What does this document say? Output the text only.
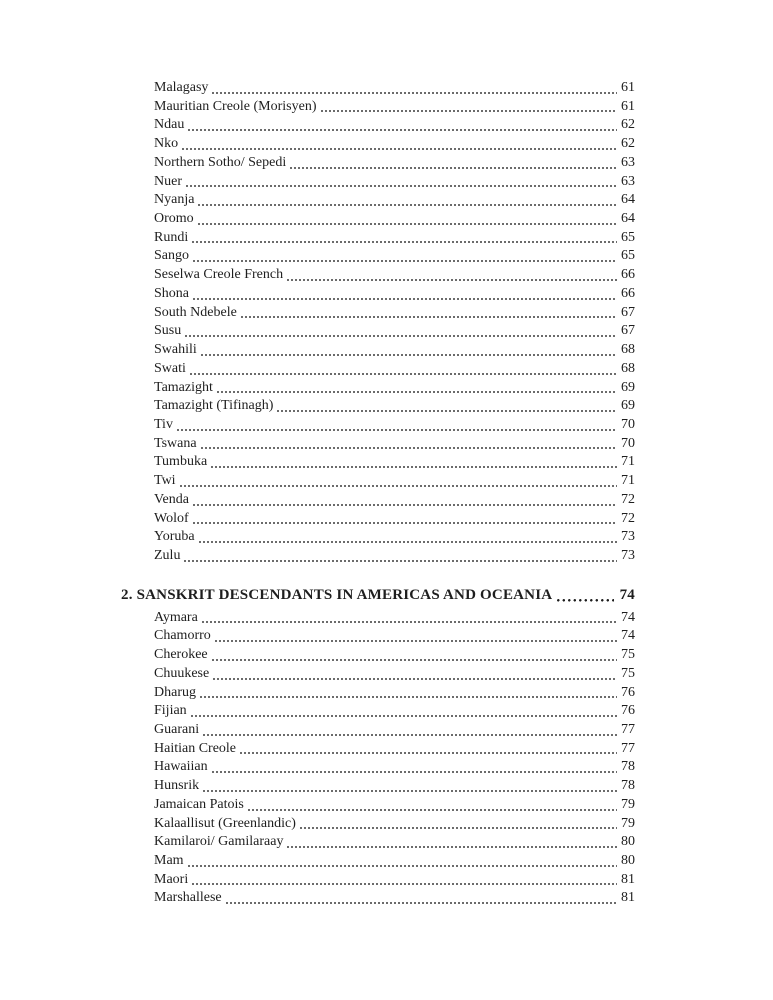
Malagasy	61
Mauritian Creole (Morisyen)	61
Ndau	62
Nko	62
Northern Sotho/ Sepedi	63
Nuer	63
Nyanja	64
Oromo	64
Rundi	65
Sango	65
Seselwa Creole French	66
Shona	66
South Ndebele	67
Susu	67
Swahili	68
Swati	68
Tamazight	69
Tamazight (Tifinagh)	69
Tiv	70
Tswana	70
Tumbuka	71
Twi	71
Venda	72
Wolof	72
Yoruba	73
Zulu	73
2. SANSKRIT DESCENDANTS IN AMERICAS AND OCEANIA	74
Aymara	74
Chamorro	74
Cherokee	75
Chuukese	75
Dharug	76
Fijian	76
Guarani	77
Haitian Creole	77
Hawaiian	78
Hunsrik	78
Jamaican Patois	79
Kalaallisut (Greenlandic)	79
Kamilaroi/ Gamilaraay	80
Mam	80
Maori	81
Marshallese	81
